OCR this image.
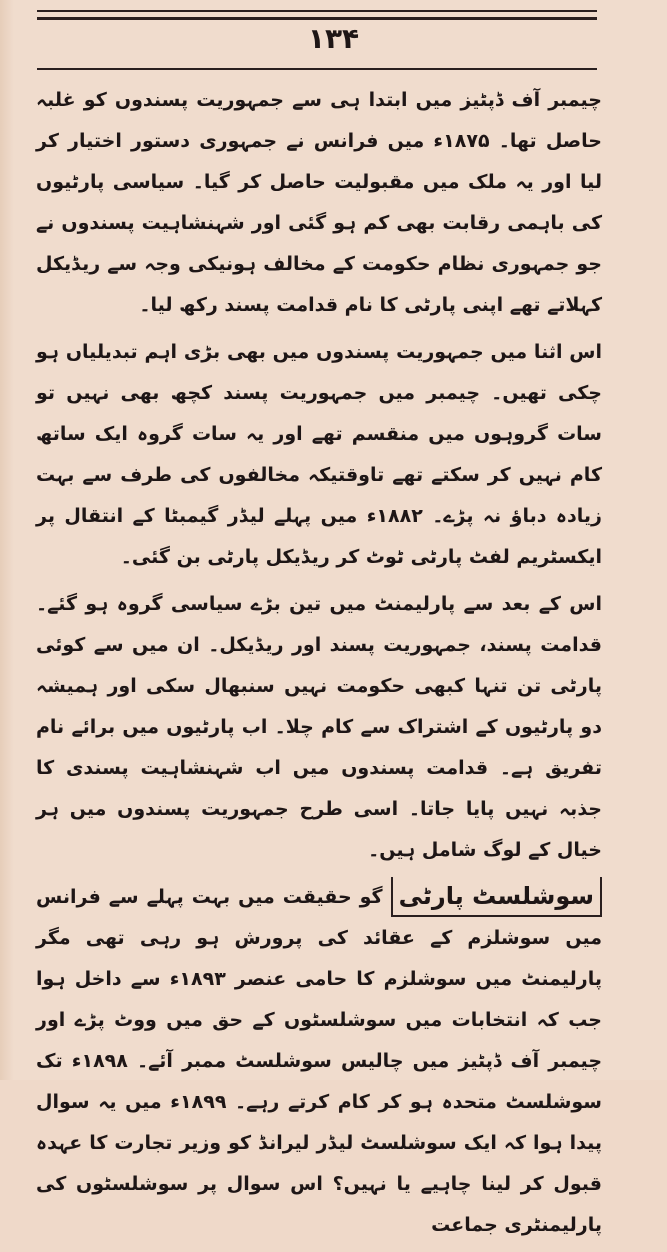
۱۳۴

چیمبر آف ڈپٹیز میں ابتدا ہی سے جمہوریت پسندوں کو غلبہ حاصل تھا۔ ۱۸۷۵ء میں فرانس نے جمہوری دستور اختیار کر لیا اور یہ ملک میں مقبولیت حاصل کر گیا۔ سیاسی پارٹیوں کی باہمی رقابت بھی کم ہو گئی اور شہنشاہیت پسندوں نے جو جمہوری نظام حکومت کے مخالف ہونیکی وجہ سے ریڈیکل کہلاتے تھے اپنی پارٹی کا نام قدامت پسند رکھ لیا۔

اس اثنا میں جمہوریت پسندوں میں بھی بڑی اہم تبدیلیاں ہو چکی تھیں۔ چیمبر میں جمہوریت پسند کچھ بھی نہیں تو سات گروہوں میں منقسم تھے اور یہ سات گروہ ایک ساتھ کام نہیں کر سکتے تھے تاوقتیکہ مخالفوں کی طرف سے بہت زیادہ دباؤ نہ پڑے۔ ۱۸۸۲ء میں پہلے لیڈر گیمبٹا کے انتقال پر ایکسٹریم لفٹ پارٹی ٹوٹ کر ریڈیکل پارٹی بن گئی۔

اس کے بعد سے پارلیمنٹ میں تین بڑے سیاسی گروہ ہو گئے۔ قدامت پسند، جمہوریت پسند اور ریڈیکل۔ ان میں سے کوئی پارٹی تن تنہا کبھی حکومت نہیں سنبھال سکی اور ہمیشہ دو پارٹیوں کے اشتراک سے کام چلا۔ اب پارٹیوں میں برائے نام تفریق ہے۔ قدامت پسندوں میں اب شہنشاہیت پسندی کا جذبہ نہیں پایا جاتا۔ اسی طرح جمہوریت پسندوں میں ہر خیال کے لوگ شامل ہیں۔

سوشلسٹ پارٹی
گو حقیقت میں بہت پہلے سے فرانس میں سوشلزم کے عقائد کی پرورش ہو رہی تھی مگر پارلیمنٹ میں سوشلزم کا حامی عنصر ۱۸۹۳ء سے داخل ہوا جب کہ انتخابات میں سوشلسٹوں کے حق میں ووٹ پڑے اور چیمبر آف ڈپٹیز میں چالیس سوشلسٹ ممبر آئے۔ ۱۸۹۸ء تک سوشلسٹ متحدہ ہو کر کام کرتے رہے۔ ۱۸۹۹ء میں یہ سوال پیدا ہوا کہ ایک سوشلسٹ لیڈر لیرانڈ کو وزیر تجارت کا عہدہ قبول کر لینا چاہیے یا نہیں؟ اس سوال پر سوشلسٹوں کی پارلیمنٹری جماعت
